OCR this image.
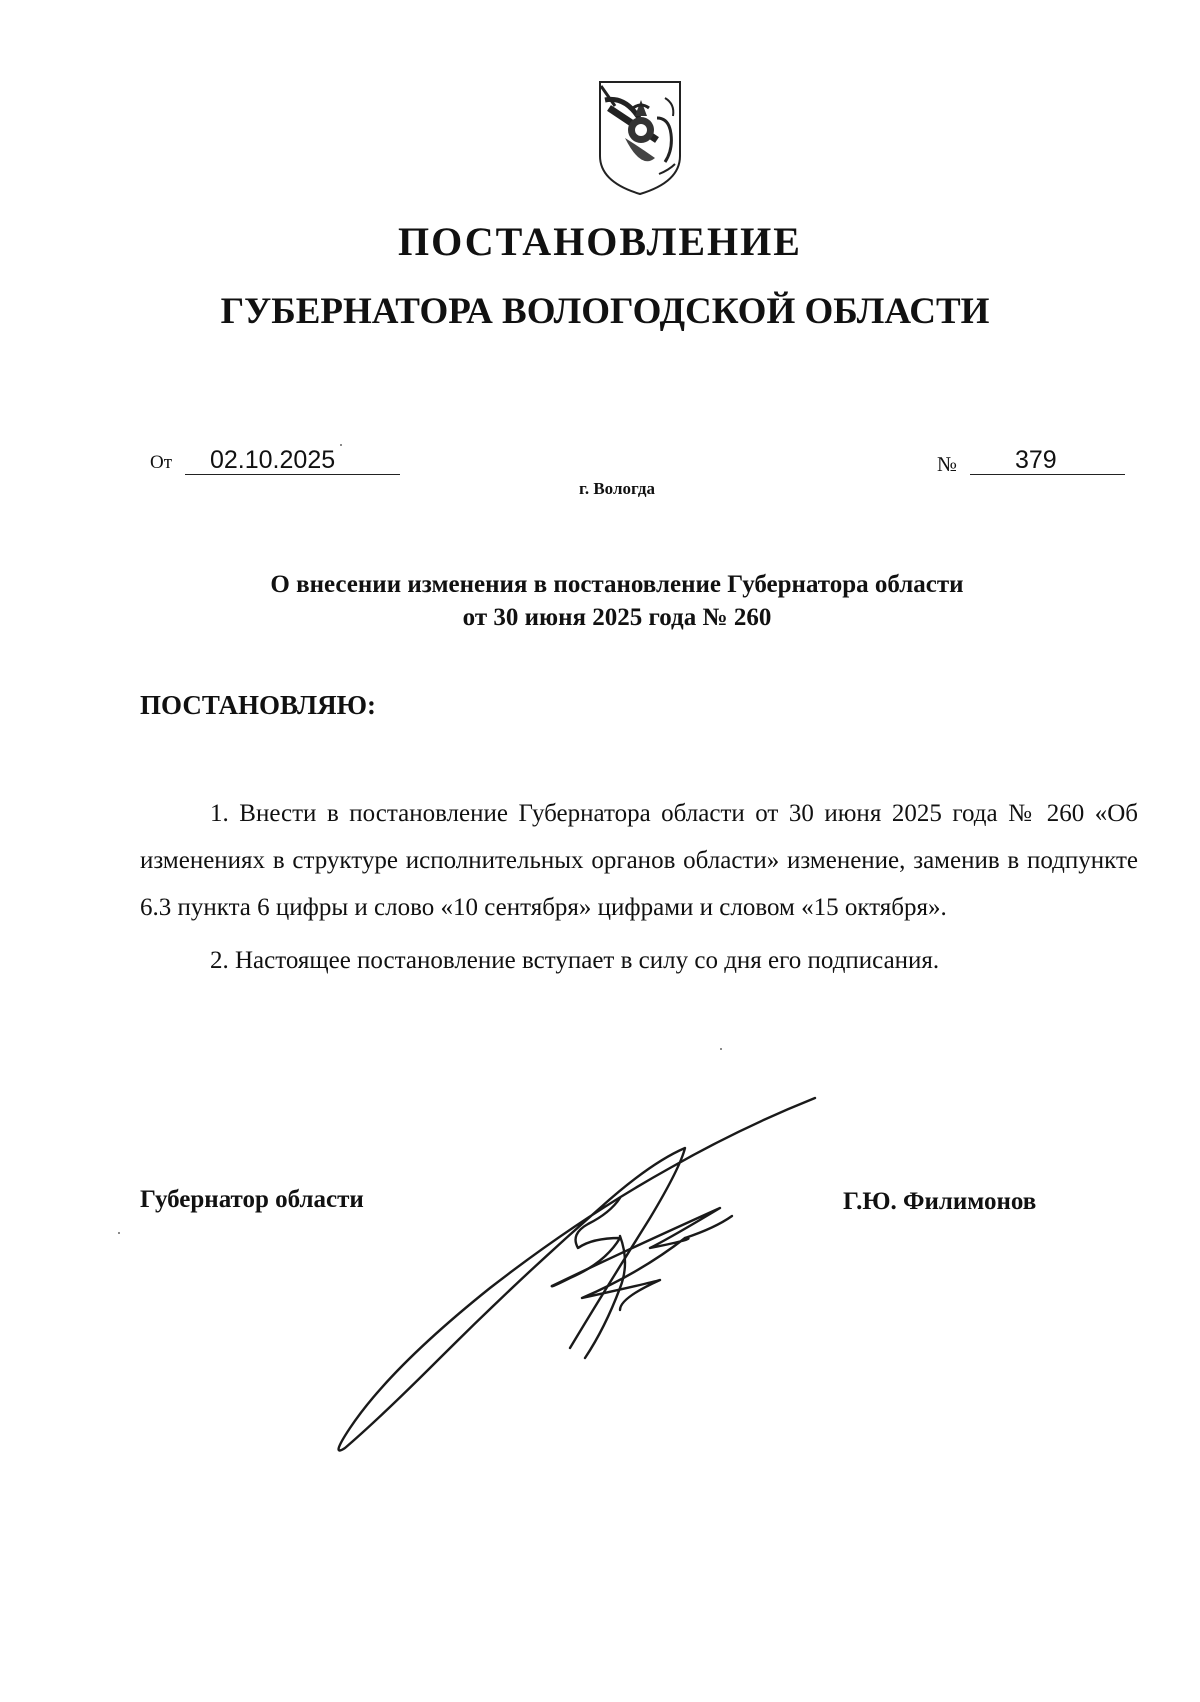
ПОСТАНОВЛЕНИЕ
ГУБЕРНАТОРА ВОЛОГОДСКОЙ ОБЛАСТИ
От 02.10.2025	№ 379
г. Вологда
О внесении изменения в постановление Губернатора области
от 30 июня 2025 года № 260
ПОСТАНОВЛЯЮ:

1. Внести в постановление Губернатора области от 30 июня 2025 года № 260 «Об изменениях в структуре исполнительных органов области» изменение, заменив в подпункте 6.3 пункта 6 цифры и слово «10 сентября» цифрами и словом «15 октября».

2. Настоящее постановление вступает в силу со дня его подписания.

Губернатор области	Г.Ю. Филимонов
